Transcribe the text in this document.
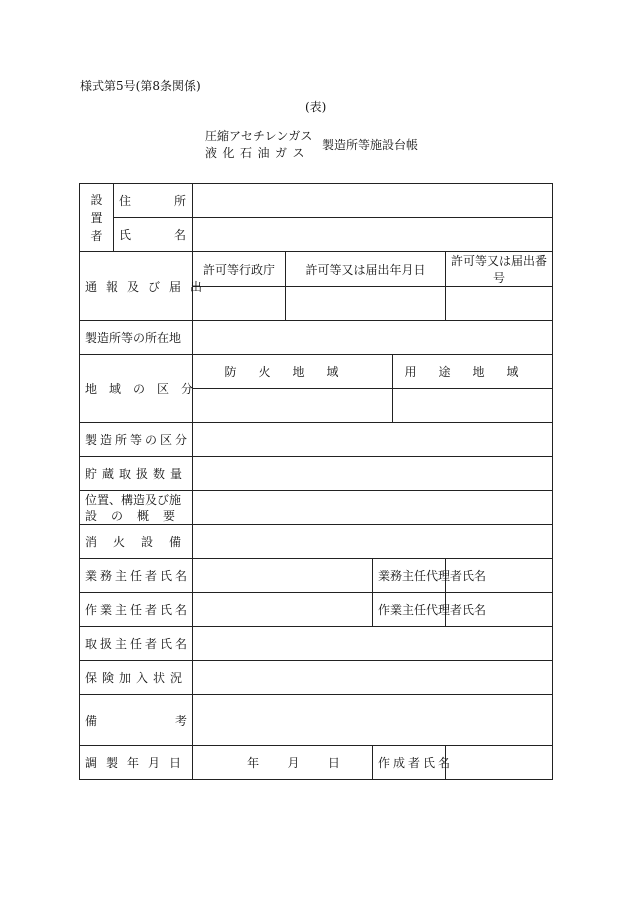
様式第5号(第8条関係)
(表)
圧縮アセチレンガス
液化石油ガス
製造所等施設台帳
設
置
者	住 所					

	氏 名					

通報及び届出		許可等行政庁	許可等又は届出年月日			許可等又は届出番号

製造所等の所在地						
地域の区分		防火地域			用途地域	

製造所等の区分						
貯蔵取扱数量						

位置、構造及び施
設の概要						

消火設備						
業務主任者氏名				業務主任代理者氏名		
作業主任者氏名				作業主任代理者氏名		
取扱主任者氏名						
保険加入状況						
備考						
調製年月日		年 月 日		作成者氏名		
